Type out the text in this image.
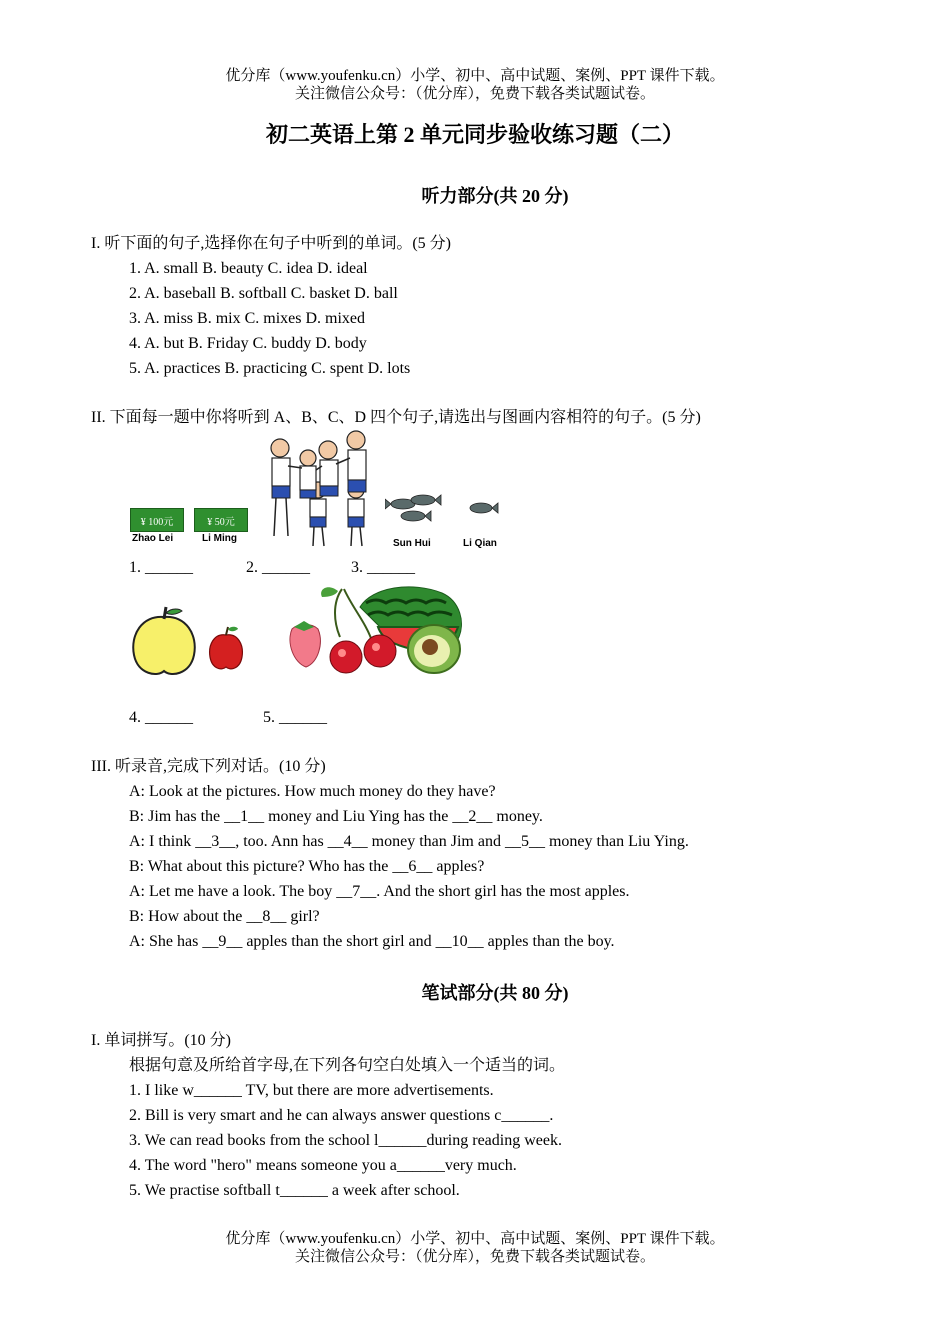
优分库（www.youfenku.cn）小学、初中、高中试题、案例、PPT 课件下载。
关注微信公众号：（优分库），免费下载各类试题试卷。
初二英语上第 2 单元同步验收练习题（二）
听力部分(共 20 分)
I. 听下面的句子,选择你在句子中听到的单词。(5 分)
1. A. small B. beauty C. idea D. ideal
2. A. baseball B. softball C. basket D. ball
3. A. miss B. mix C. mixes D. mixed
4. A. but B. Friday C. buddy D. body
5. A. practices B. practicing C. spent D. lots
II. 下面每一题中你将听到 A、B、C、D 四个句子,请选出与图画内容相符的句子。(5 分)
¥ 100元	¥ 50元
Zhao Lei	Li Ming	Sun Hui	Li Qian
1. ______	2. ______	3. ______
4. ______	5. ______
III. 听录音,完成下列对话。(10 分)
A: Look at the pictures. How much money do they have?
B: Jim has the __1__ money and Liu Ying has the __2__ money.
A: I think __3__, too. Ann has __4__ money than Jim and __5__ money than Liu Ying.
B: What about this picture? Who has the __6__ apples?
A: Let me have a look. The boy __7__. And the short girl has the most apples.
B: How about the __8__ girl?
A: She has __9__ apples than the short girl and __10__ apples than the boy.
笔试部分(共 80 分)
I. 单词拼写。(10 分)
根据句意及所给首字母,在下列各句空白处填入一个适当的词。
1. I like w______ TV, but there are more advertisements.
2. Bill is very smart and he can always answer questions c______.
3. We can read books from the school l______during reading week.
4. The word "hero" means someone you a______very much.
5. We practise softball t______ a week after school.
优分库（www.youfenku.cn）小学、初中、高中试题、案例、PPT 课件下载。
关注微信公众号：（优分库），免费下载各类试题试卷。
